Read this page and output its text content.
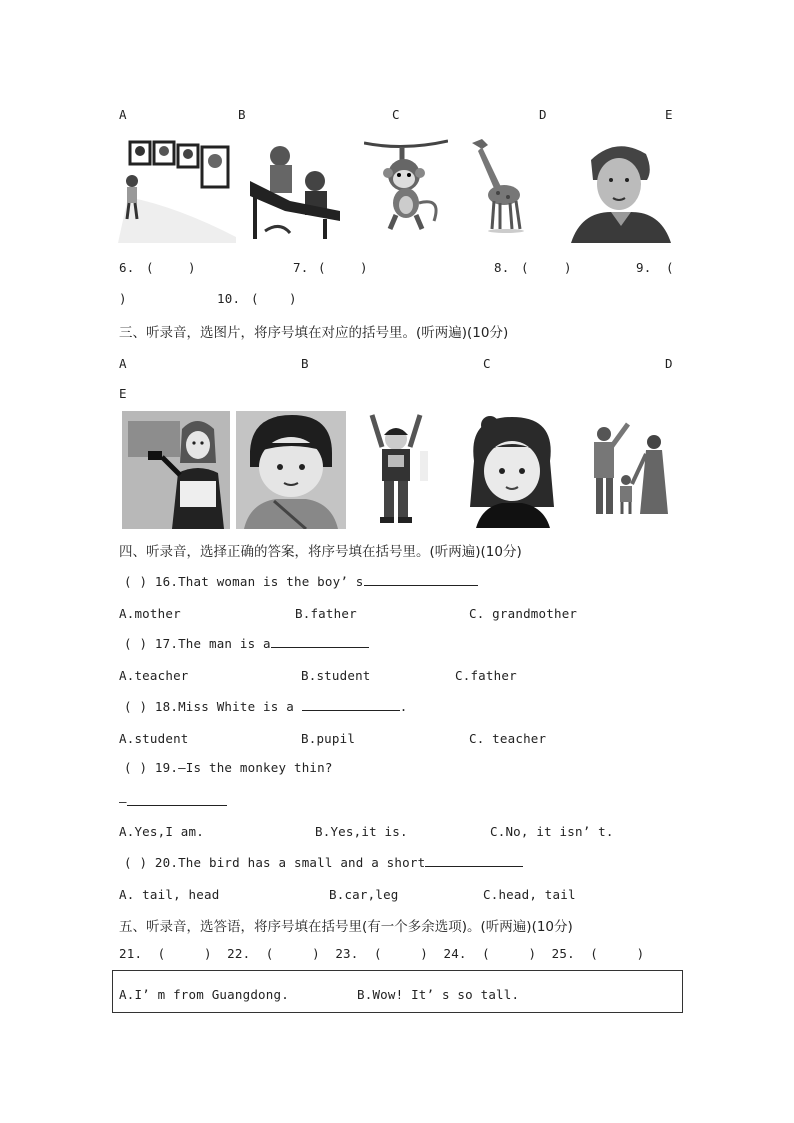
A	B	C	D	E
6. (	)	7. (	)	8. (	)	9. (
)	10. ( )
三、听录音，选图片，将序号填在对应的括号里。(听两遍)(10分)
A	B	C	D
E
四、听录音，选择正确的答案，将序号填在括号里。(听两遍)(10分)
( ) 16.That woman is the boy’ s
A.mother	B.father	C. grandmother
( ) 17.The man is a
A.teacher	B.student	C.father
( ) 18.Miss White is a	.
A.student	B.pupil	C. teacher
( ) 19.—Is the monkey thin?
—
A.Yes,I am.	B.Yes,it is.	C.No, it isn’ t.
( ) 20.The bird has a small and a short
A. tail, head	B.car,leg	C.head, tail
五、听录音，选答语，将序号填在括号里(有一个多余选项)。(听两遍)(10分)
21.  (     )  22.  (     )  23.  (     )  24.  (     )  25.  (     )
A.I’ m from Guangdong.	B.Wow! It’ s so tall.
